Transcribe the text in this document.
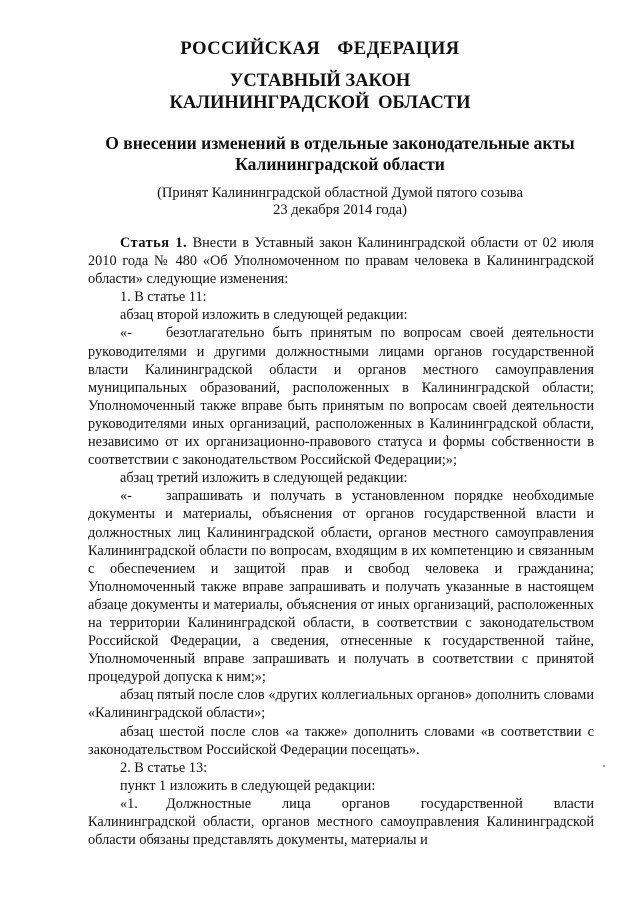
РОССИЙСКАЯ ФЕДЕРАЦИЯ
УСТАВНЫЙ ЗАКОН
КАЛИНИНГРАДСКОЙ ОБЛАСТИ
О внесении изменений в отдельные законодательные акты Калининградской области
(Принят Калининградской областной Думой пятого созыва
23 декабря 2014 года)

Статья 1. Внести в Уставный закон Калининградской области от 02 июля 2010 года № 480 «Об Уполномоченном по правам человека в Калининградской области» следующие изменения:

1. В статье 11:

абзац второй изложить в следующей редакции:

«- безотлагательно быть принятым по вопросам своей деятельности руководителями и другими должностными лицами органов государственной власти Калининградской области и органов местного самоуправления муниципальных образований, расположенных в Калининградской области; Уполномоченный также вправе быть принятым по вопросам своей деятельности руководителями иных организаций, расположенных в Калининградской области, независимо от их организационно-правового статуса и формы собственности в соответствии с законодательством Российской Федерации;»;

абзац третий изложить в следующей редакции:

«- запрашивать и получать в установленном порядке необходимые документы и материалы, объяснения от органов государственной власти и должностных лиц Калининградской области, органов местного самоуправления Калининградской области по вопросам, входящим в их компетенцию и связанным с обеспечением и защитой прав и свобод человека и гражданина; Уполномоченный также вправе запрашивать и получать указанные в настоящем абзаце документы и материалы, объяснения от иных организаций, расположенных на территории Калининградской области, в соответствии с законодательством Российской Федерации, а сведения, отнесенные к государственной тайне, Уполномоченный вправе запрашивать и получать в соответствии с принятой процедурой допуска к ним;»;

абзац пятый после слов «других коллегиальных органов» дополнить словами «Калининградской области»;

абзац шестой после слов «а также» дополнить словами «в соответствии с законодательством Российской Федерации посещать».

2. В статье 13:

пункт 1 изложить в следующей редакции:

«1. Должностные лица органов государственной власти Калининградской области, органов местного самоуправления Калининградской области обязаны представлять документы, материалы и
